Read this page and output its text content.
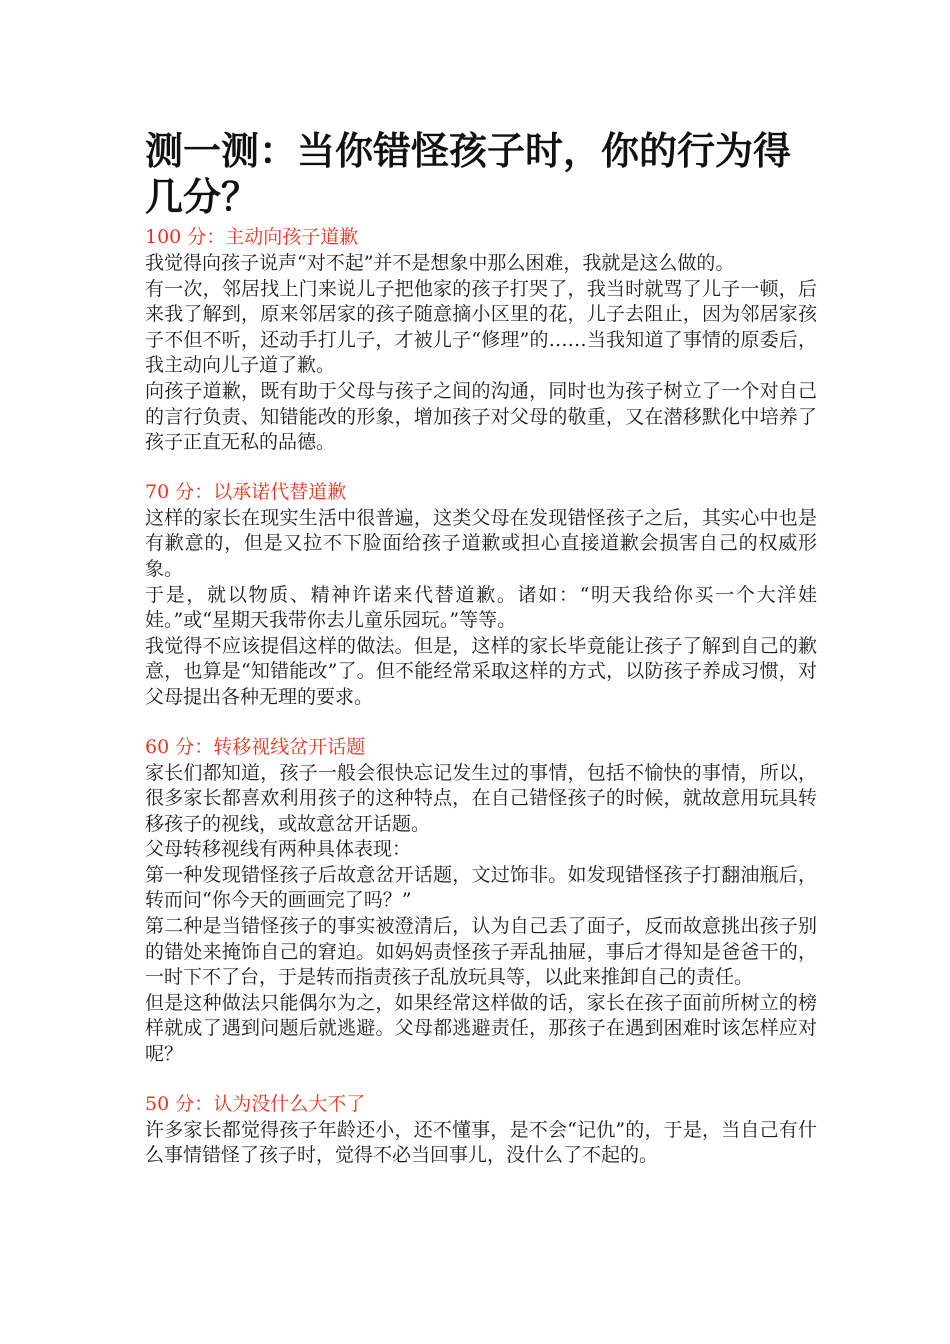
测一测：当你错怪孩子时，你的行为得几分？
100 分：主动向孩子道歉

我觉得向孩子说声“对不起”并不是想象中那么困难，我就是这么做的。

有一次，邻居找上门来说儿子把他家的孩子打哭了，我当时就骂了儿子一顿，后来我了解到，原来邻居家的孩子随意摘小区里的花，儿子去阻止，因为邻居家孩子不但不听，还动手打儿子，才被儿子“修理”的……当我知道了事情的原委后，我主动向儿子道了歉。

向孩子道歉，既有助于父母与孩子之间的沟通，同时也为孩子树立了一个对自己的言行负责、知错能改的形象，增加孩子对父母的敬重，又在潜移默化中培养了孩子正直无私的品德。

70 分：以承诺代替道歉

这样的家长在现实生活中很普遍，这类父母在发现错怪孩子之后，其实心中也是有歉意的，但是又拉不下脸面给孩子道歉或担心直接道歉会损害自己的权威形象。

于是，就以物质、精神许诺来代替道歉。诸如：“明天我给你买一个大洋娃娃。”或“星期天我带你去儿童乐园玩。”等等。

我觉得不应该提倡这样的做法。但是，这样的家长毕竟能让孩子了解到自己的歉意，也算是“知错能改”了。但不能经常采取这样的方式，以防孩子养成习惯，对父母提出各种无理的要求。

60 分：转移视线岔开话题

家长们都知道，孩子一般会很快忘记发生过的事情，包括不愉快的事情，所以，很多家长都喜欢利用孩子的这种特点，在自己错怪孩子的时候，就故意用玩具转移孩子的视线，或故意岔开话题。

父母转移视线有两种具体表现：

第一种发现错怪孩子后故意岔开话题，文过饰非。如发现错怪孩子打翻油瓶后，转而问“你今天的画画完了吗？”

第二种是当错怪孩子的事实被澄清后，认为自己丢了面子，反而故意挑出孩子别的错处来掩饰自己的窘迫。如妈妈责怪孩子弄乱抽屉，事后才得知是爸爸干的，一时下不了台，于是转而指责孩子乱放玩具等，以此来推卸自己的责任。

但是这种做法只能偶尔为之，如果经常这样做的话，家长在孩子面前所树立的榜样就成了遇到问题后就逃避。父母都逃避责任，那孩子在遇到困难时该怎样应对呢？

50 分：认为没什么大不了

许多家长都觉得孩子年龄还小，还不懂事，是不会“记仇”的，于是，当自己有什么事情错怪了孩子时，觉得不必当回事儿，没什么了不起的。
